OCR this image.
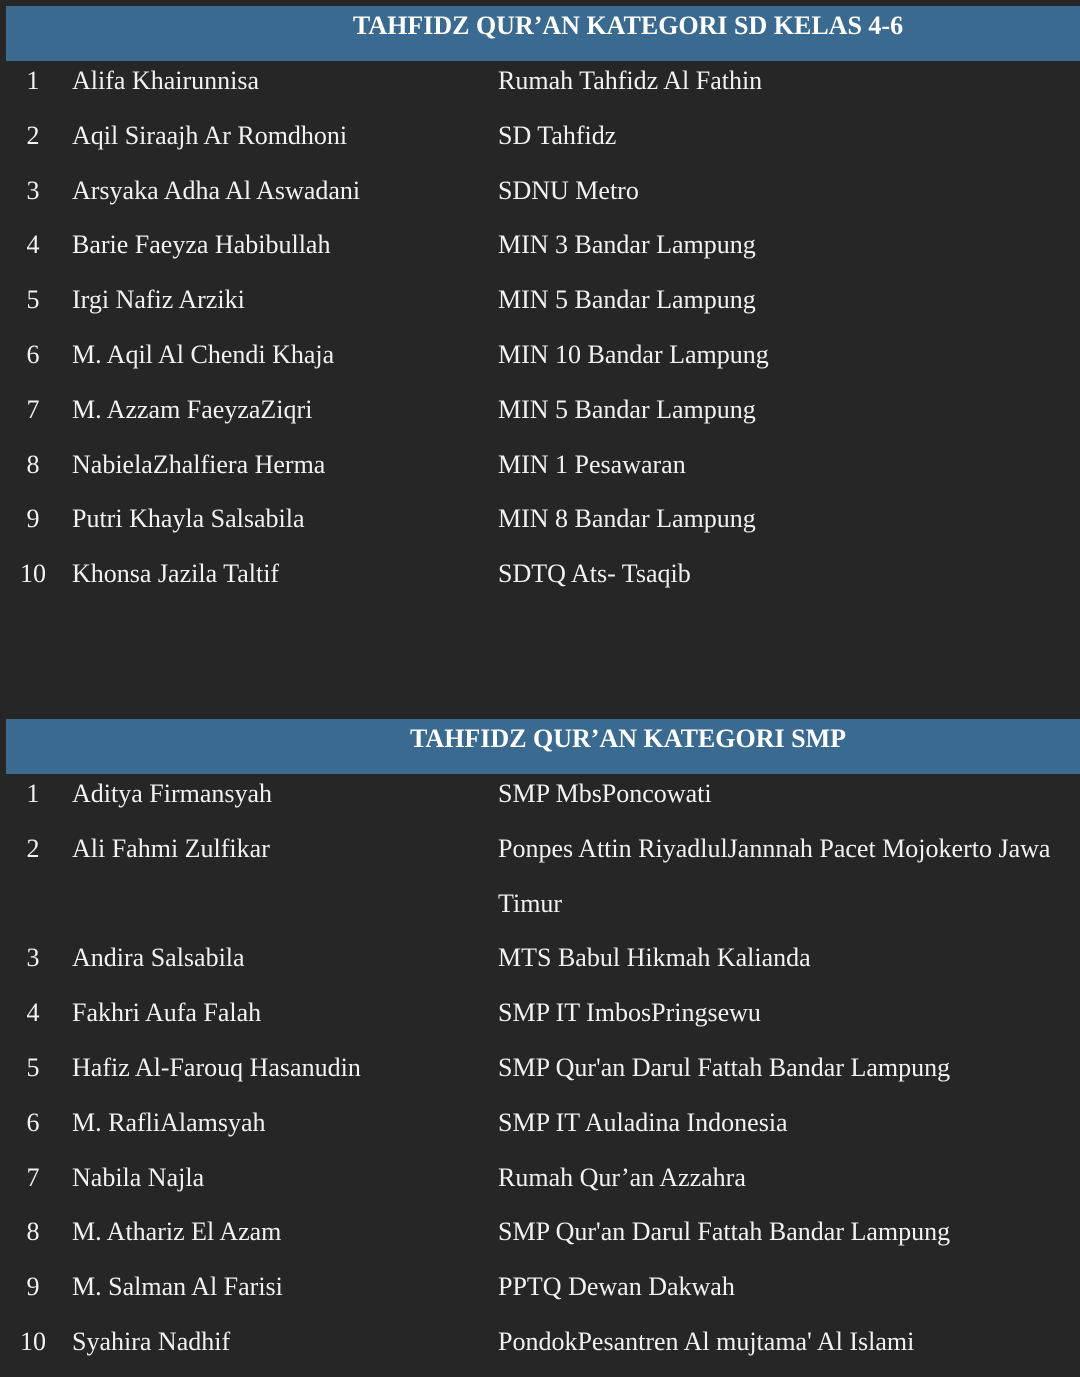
TAHFIDZ QUR’AN KATEGORI SD KELAS 4-6
1	Alifa Khairunnisa	Rumah Tahfidz Al Fathin
2	Aqil Siraajh Ar Romdhoni	SD Tahfidz
3	Arsyaka Adha Al Aswadani	SDNU Metro
4	Barie Faeyza Habibullah	MIN 3 Bandar Lampung
5	Irgi Nafiz Arziki	MIN 5 Bandar Lampung
6	M. Aqil Al Chendi Khaja	MIN 10 Bandar Lampung
7	M. Azzam FaeyzaZiqri	MIN 5 Bandar Lampung
8	NabielaZhalfiera Herma	MIN 1 Pesawaran
9	Putri Khayla Salsabila	MIN 8 Bandar Lampung
10	Khonsa Jazila Taltif	SDTQ Ats- Tsaqib
TAHFIDZ QUR’AN KATEGORI SMP
1	Aditya Firmansyah	SMP MbsPoncowati
2	Ali Fahmi Zulfikar	Ponpes Attin RiyadlulJannnah Pacet Mojokerto Jawa Timur
3	Andira Salsabila	MTS Babul Hikmah Kalianda
4	Fakhri Aufa Falah	SMP IT ImbosPringsewu
5	Hafiz Al-Farouq Hasanudin	SMP Qur'an Darul Fattah Bandar Lampung
6	M. RafliAlamsyah	SMP IT Auladina Indonesia
7	Nabila Najla	Rumah Qur’an Azzahra
8	M. Athariz El Azam	SMP Qur'an Darul Fattah Bandar Lampung
9	M. Salman Al Farisi	PPTQ Dewan Dakwah
10	Syahira Nadhif	PondokPesantren Al mujtama' Al Islami
